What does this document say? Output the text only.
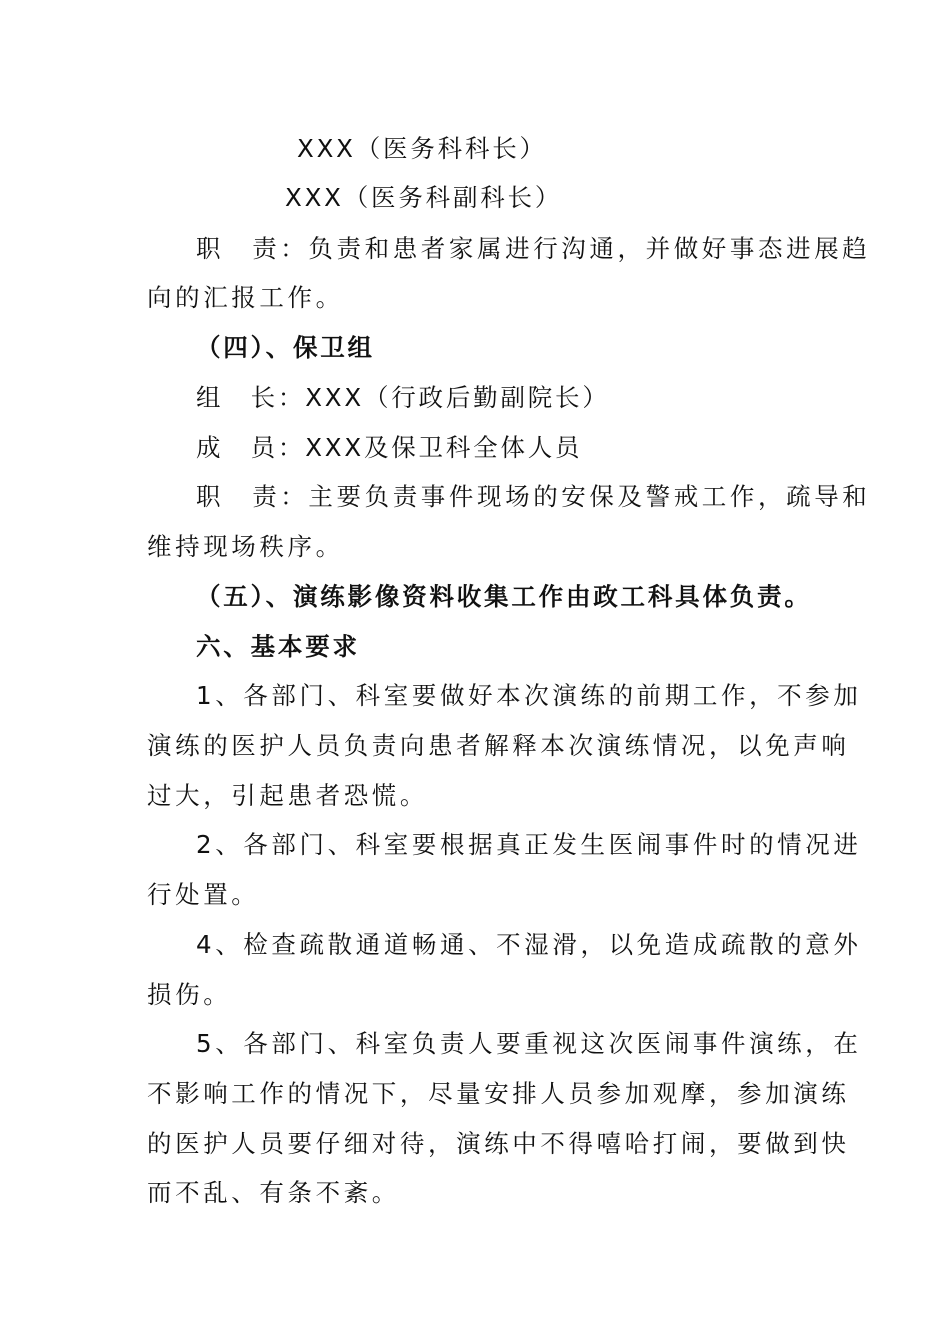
XXX（医务科科长）
XXX（医务科副科长）
职　责：负责和患者家属进行沟通，并做好事态进展趋
向的汇报工作。
（四）、保卫组
组　长：XXX（行政后勤副院长）
成　员：XXX及保卫科全体人员
职　责：主要负责事件现场的安保及警戒工作，疏导和
维持现场秩序。
（五）、演练影像资料收集工作由政工科具体负责。
六、基本要求
1、各部门、科室要做好本次演练的前期工作，不参加
演练的医护人员负责向患者解释本次演练情况，以免声响
过大，引起患者恐慌。
2、各部门、科室要根据真正发生医闹事件时的情况进
行处置。
4、检查疏散通道畅通、不湿滑，以免造成疏散的意外
损伤。
5、各部门、科室负责人要重视这次医闹事件演练，在
不影响工作的情况下，尽量安排人员参加观摩，参加演练
的医护人员要仔细对待，演练中不得嘻哈打闹，要做到快
而不乱、有条不紊。
